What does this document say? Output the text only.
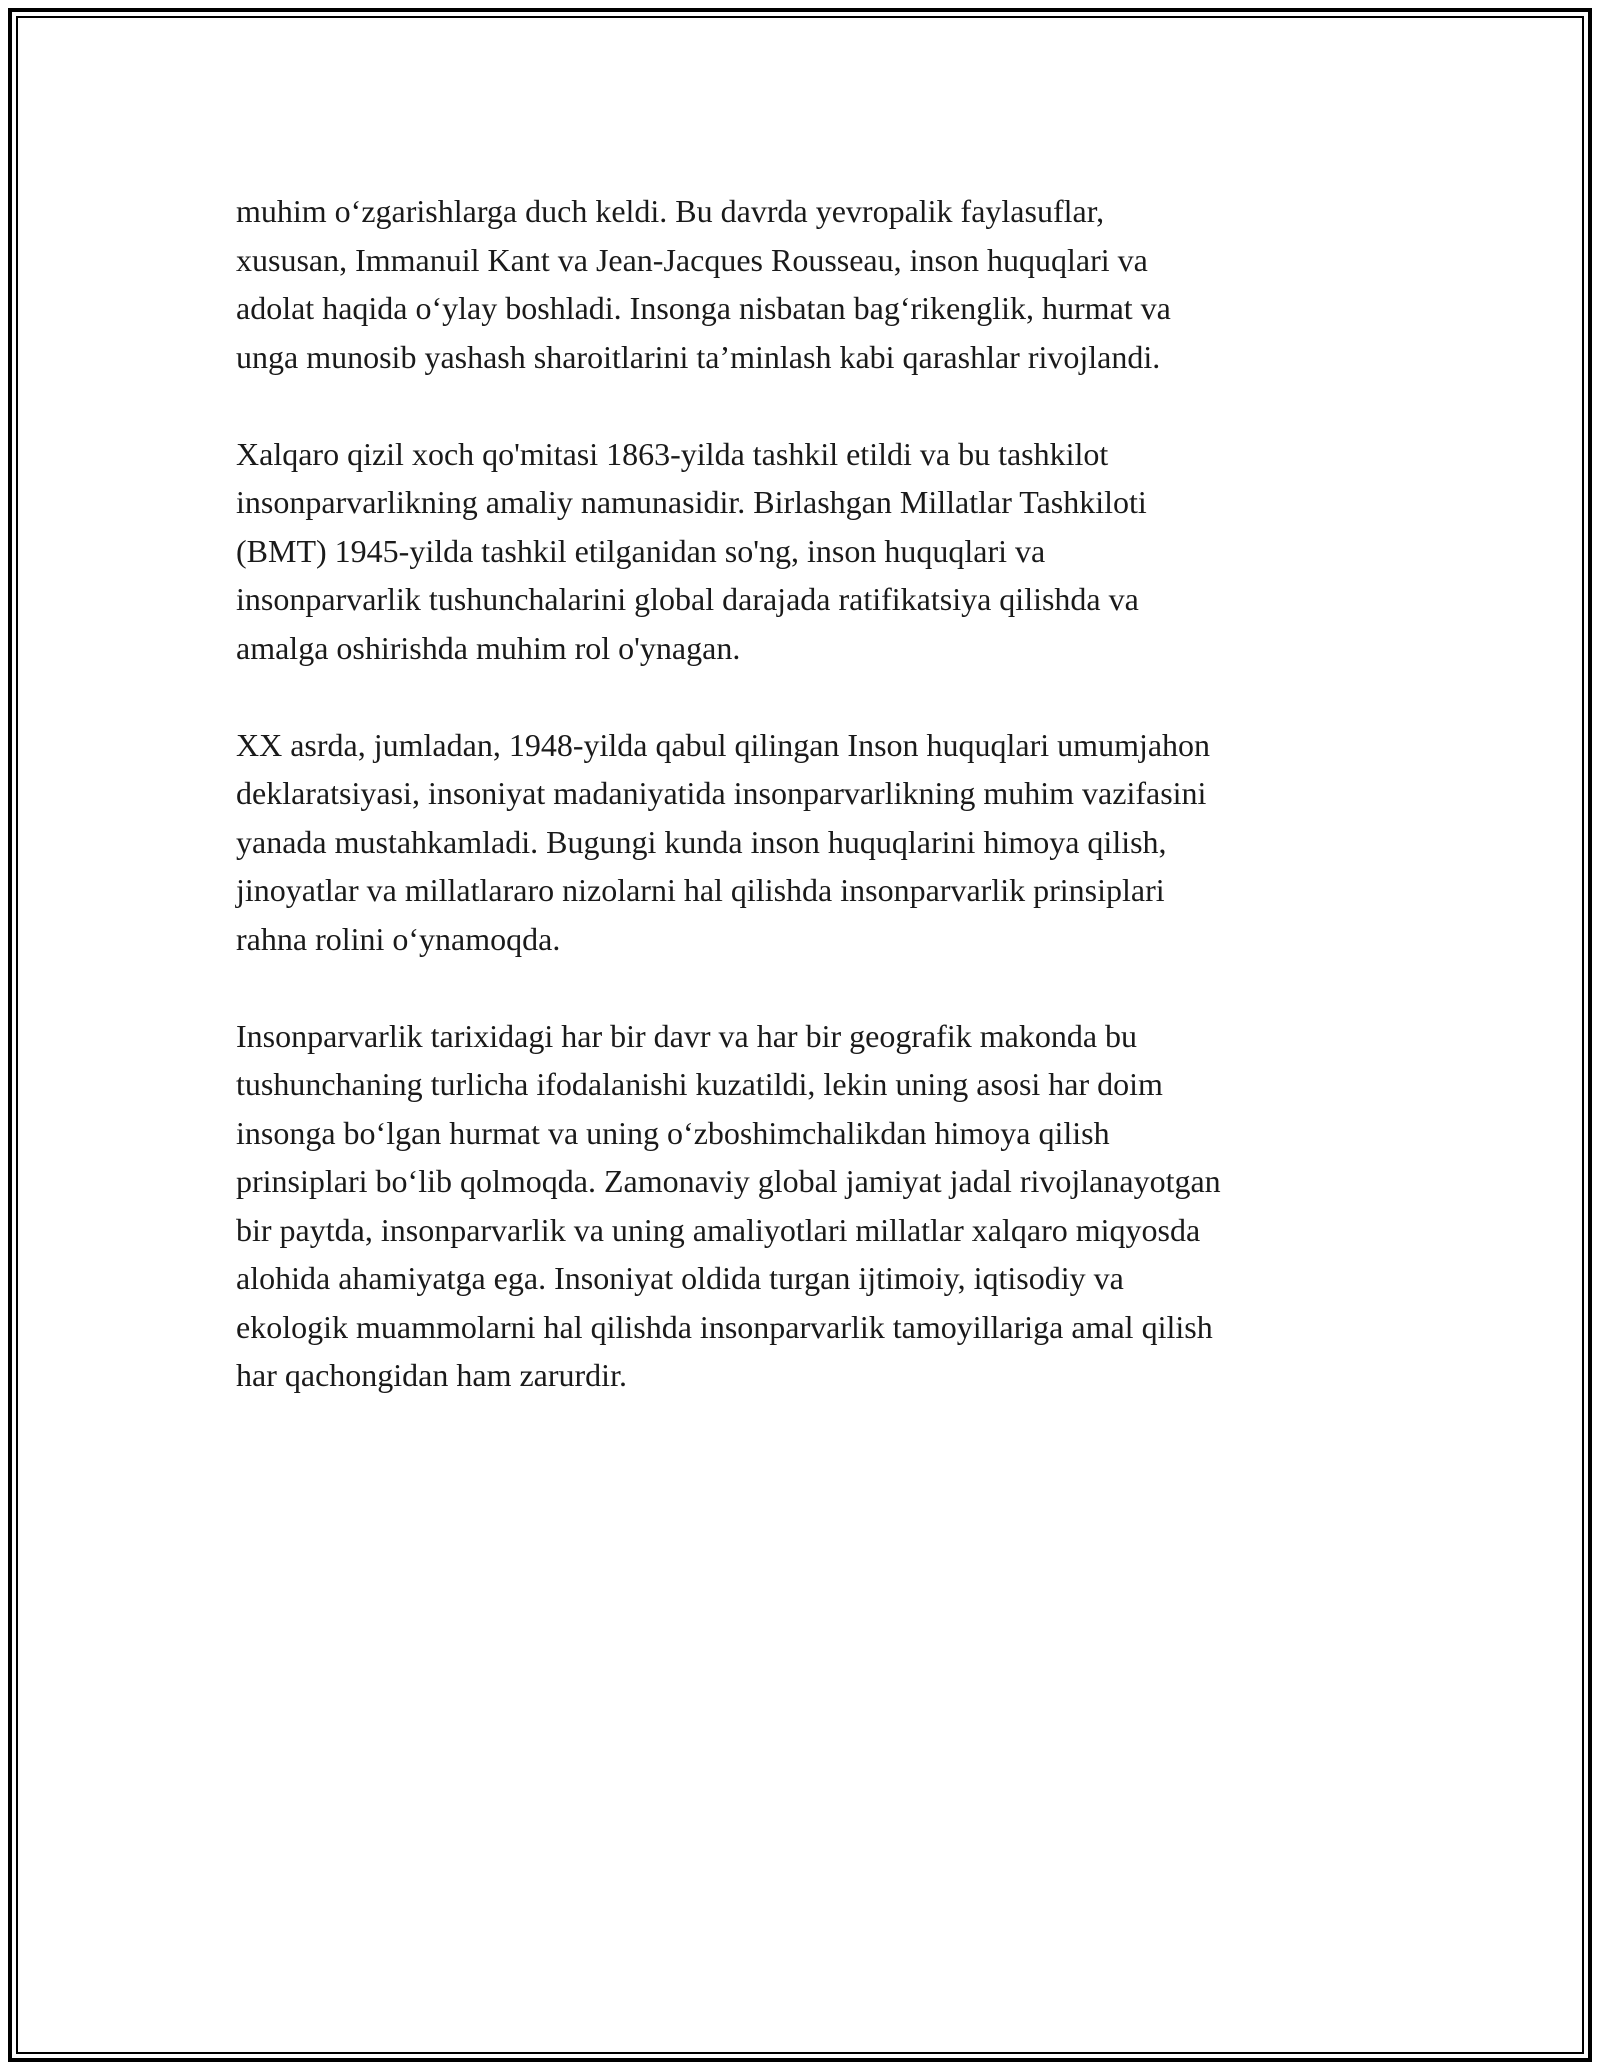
muhim o‘zgarishlarga duch keldi. Bu davrda yevropalik faylasuflar,
xususan, Immanuil Kant va Jean-Jacques Rousseau, inson huquqlari va
adolat haqida o‘ylay boshladi. Insonga nisbatan bag‘rikenglik, hurmat va
unga munosib yashash sharoitlarini ta’minlash kabi qarashlar rivojlandi.

Xalqaro qizil xoch qo'mitasi 1863-yilda tashkil etildi va bu tashkilot
insonparvarlikning amaliy namunasidir. Birlashgan Millatlar Tashkiloti
(BMT) 1945-yilda tashkil etilganidan so'ng, inson huquqlari va
insonparvarlik tushunchalarini global darajada ratifikatsiya qilishda va
amalga oshirishda muhim rol o'ynagan.

XX asrda, jumladan, 1948-yilda qabul qilingan Inson huquqlari umumjahon
deklaratsiyasi, insoniyat madaniyatida insonparvarlikning muhim vazifasini
yanada mustahkamladi. Bugungi kunda inson huquqlarini himoya qilish,
jinoyatlar va millatlararo nizolarni hal qilishda insonparvarlik prinsiplari
rahna rolini o‘ynamoqda.

Insonparvarlik tarixidagi har bir davr va har bir geografik makonda bu
tushunchaning turlicha ifodalanishi kuzatildi, lekin uning asosi har doim
insonga bo‘lgan hurmat va uning o‘zboshimchalikdan himoya qilish
prinsiplari bo‘lib qolmoqda. Zamonaviy global jamiyat jadal rivojlanayotgan
bir paytda, insonparvarlik va uning amaliyotlari millatlar xalqaro miqyosda
alohida ahamiyatga ega. Insoniyat oldida turgan ijtimoiy, iqtisodiy va
ekologik muammolarni hal qilishda insonparvarlik tamoyillariga amal qilish
har qachongidan ham zarurdir.
